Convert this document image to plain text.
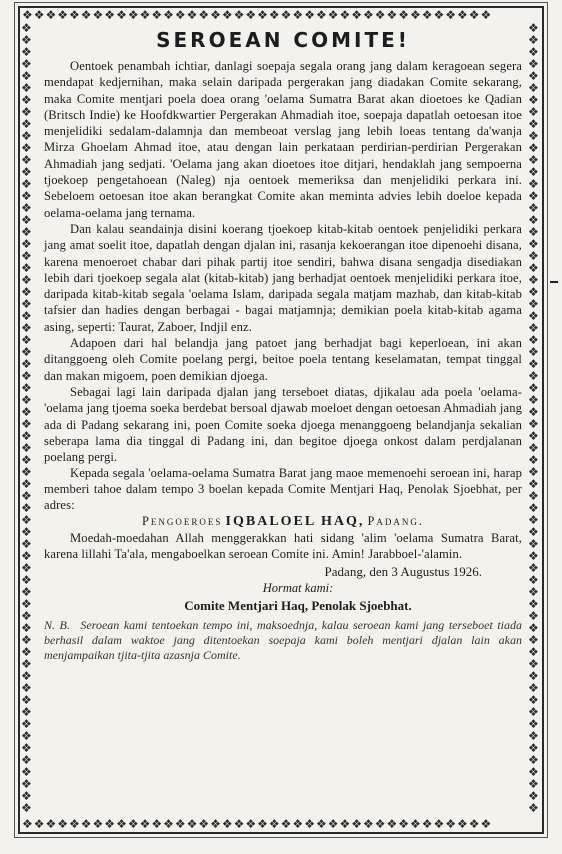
❖❖❖❖❖❖❖❖❖❖❖❖❖❖❖❖❖❖❖❖❖❖❖❖❖❖❖❖❖❖❖❖❖❖❖❖❖❖❖❖
❖❖❖❖❖❖❖❖❖❖❖❖❖❖❖❖❖❖❖❖❖❖❖❖❖❖❖❖❖❖❖❖❖❖❖❖❖❖❖❖
❖❖❖❖❖❖❖❖❖❖❖❖❖❖❖❖❖❖❖❖❖❖❖❖❖❖❖❖❖❖❖❖❖❖❖❖❖❖❖❖❖❖❖❖❖❖❖❖❖❖❖❖❖❖❖❖❖❖❖❖❖❖❖❖❖❖
❖❖❖❖❖❖❖❖❖❖❖❖❖❖❖❖❖❖❖❖❖❖❖❖❖❖❖❖❖❖❖❖❖❖❖❖❖❖❖❖❖❖❖❖❖❖❖❖❖❖❖❖❖❖❖❖❖❖❖❖❖❖❖❖❖❖
SEROEAN COMITE!

Oentoek penambah ichtiar, danlagi soepaja segala orang jang dalam keragoean segera mendapat kedjernihan, maka selain daripada pergerakan jang diadakan Comite sekarang, maka Comite mentjari poela doea orang 'oelama Sumatra Barat akan dioetoes ke Qadian (Britsch Indie) ke Hoofdkwartier Pergerakan Ahmadiah itoe, soepaja dapatlah oetoesan itoe menjelidiki sedalam-dalamnja dan membeoat verslag jang lebih loeas tentang da'wanja Mirza Ghoelam Ahmad itoe, atau dengan lain perkataan perdirian-perdirian Pergerakan Ahmadiah jang sedjati. 'Oelama jang akan dioetoes itoe ditjari, hendaklah jang sempoerna tjoekoep pengetahoean (Naleg) nja oentoek memeriksa dan menjelidiki perkara ini. Sebeloem oetoesan itoe akan berangkat Comite akan meminta advies lebih doeloe kepada oelama-oelama jang ternama.

Dan kalau seandainja disini koerang tjoekoep kitab-kitab oentoek penjelidiki perkara jang amat soelit itoe, dapatlah dengan djalan ini, rasanja kekoerangan itoe dipenoehi disana, karena menoeroet chabar dari pihak partij itoe sendiri, bahwa disana sengadja disediakan lebih dari tjoekoep segala alat (kitab-kitab) jang berhadjat oentoek menjelidiki perkara itoe, daripada kitab-kitab segala 'oelama Islam, daripada segala matjam mazhab, dan kitab-kitab tafsier dan hadies dengan berbagai - bagai matjamnja; demikian poela kitab-kitab agama asing, seperti: Taurat, Zaboer, Indjil enz.

Adapoen dari hal belandja jang patoet jang berhadjat bagi keperloean, ini akan ditanggoeng oleh Comite poelang pergi, beitoe poela tentang keselamatan, tempat tinggal dan makan migoem, poen demikian djoega.

Sebagai lagi lain daripada djalan jang terseboet diatas, djikalau ada poela 'oelama-'oelama jang tjoema soeka berdebat bersoal djawab moeloet dengan oetoesan Ahmadiah jang ada di Padang sekarang ini, poen Comite soeka djoega menanggoeng belandjanja sekalian seberapa lama dia tinggal di Padang ini, dan begitoe djoega onkost dalam perdjalanan poelang pergi.

Kepada segala 'oelama-oelama Sumatra Barat jang maoe memenoehi seroean ini, harap memberi tahoe dalam tempo 3 boelan kepada Comite Mentjari Haq, Penolak Sjoebhat, per adres:

Pengoeroes IQBALOEL HAQ, Padang.

Moedah-moedahan Allah menggerakkan hati sidang 'alim 'oelama Sumatra Barat, karena lillahi Ta'ala, mengaboelkan seroean Comite ini. Amin! Jarabboel-'alamin.

Padang, den 3 Augustus 1926.

Hormat kami:

Comite Mentjari Haq, Penolak Sjoebhat.

N. B. Seroean kami tentoekan tempo ini, maksoednja, kalau seroean kami jang terseboet tiada berhasil dalam waktoe jang ditentoekan soepaja kami boleh mentjari djalan lain akan menjampaikan tjita-tjita azasnja Comite.
